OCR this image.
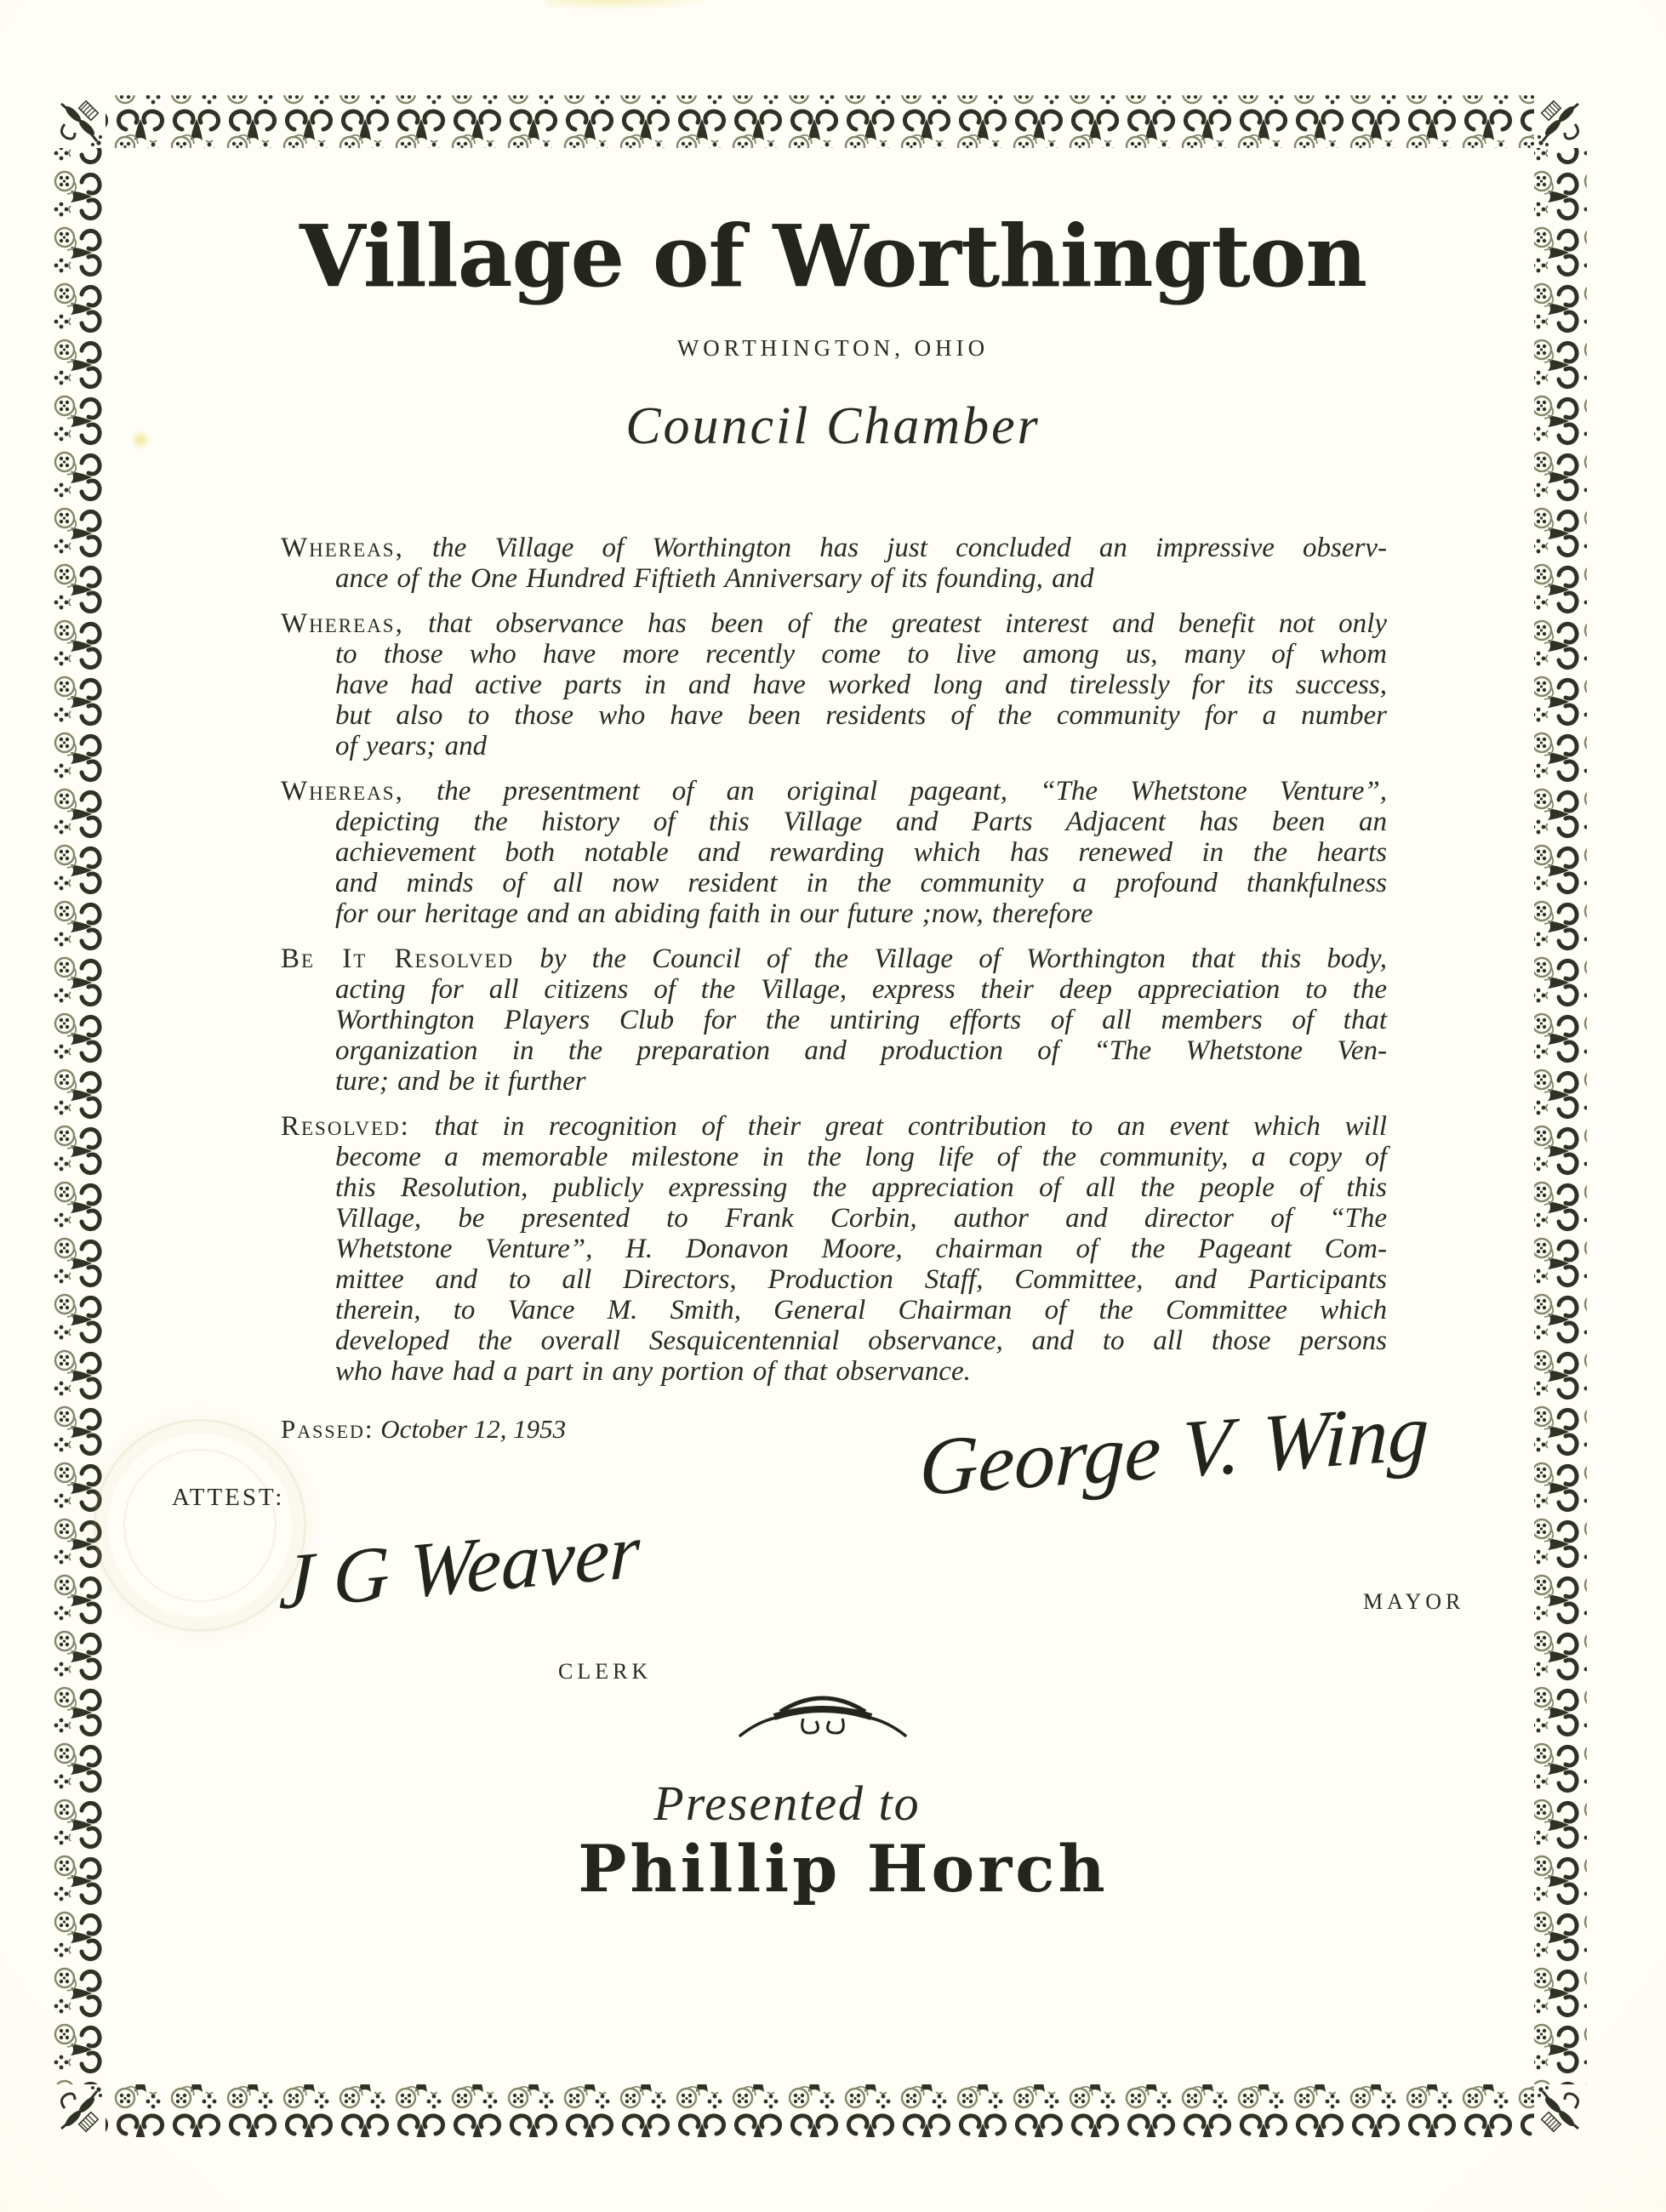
Village of Worthington
WORTHINGTON, OHIO
Council Chamber
Whereas, the Village of Worthington has just concluded an impressive observ-
ance of the One Hundred Fiftieth Anniversary of its founding, and
Whereas, that observance has been of the greatest interest and benefit not only
to those who have more recently come to live among us, many of whom
have had active parts in and have worked long and tirelessly for its success,
but also to those who have been residents of the community for a number
of years; and
Whereas, the presentment of an original pageant, “The Whetstone Venture”,
depicting the history of this Village and Parts Adjacent has been an
achievement both notable and rewarding which has renewed in the hearts
and minds of all now resident in the community a profound thankfulness
for our heritage and an abiding faith in our future ;now, therefore
Be It Resolved by the Council of the Village of Worthington that this body,
acting for all citizens of the Village, express their deep appreciation to the
Worthington Players Club for the untiring efforts of all members of that
organization in the preparation and production of “The Whetstone Ven-
ture; and be it further
Resolved: that in recognition of their great contribution to an event which will
become a memorable milestone in the long life of the community, a copy of
this Resolution, publicly expressing the appreciation of all the people of this
Village, be presented to Frank Corbin, author and director of “The
Whetstone Venture”, H. Donavon Moore, chairman of the Pageant Com-
mittee and to all Directors, Production Staff, Committee, and Participants
therein, to Vance M. Smith, General Chairman of the Committee which
developed the overall Sesquicentennial observance, and to all those persons
who have had a part in any portion of that observance.
Passed: October 12, 1953
ATTEST:	George V. Wing
MAYOR
J G Weaver
CLERK
Presented to
Phillip Horch
